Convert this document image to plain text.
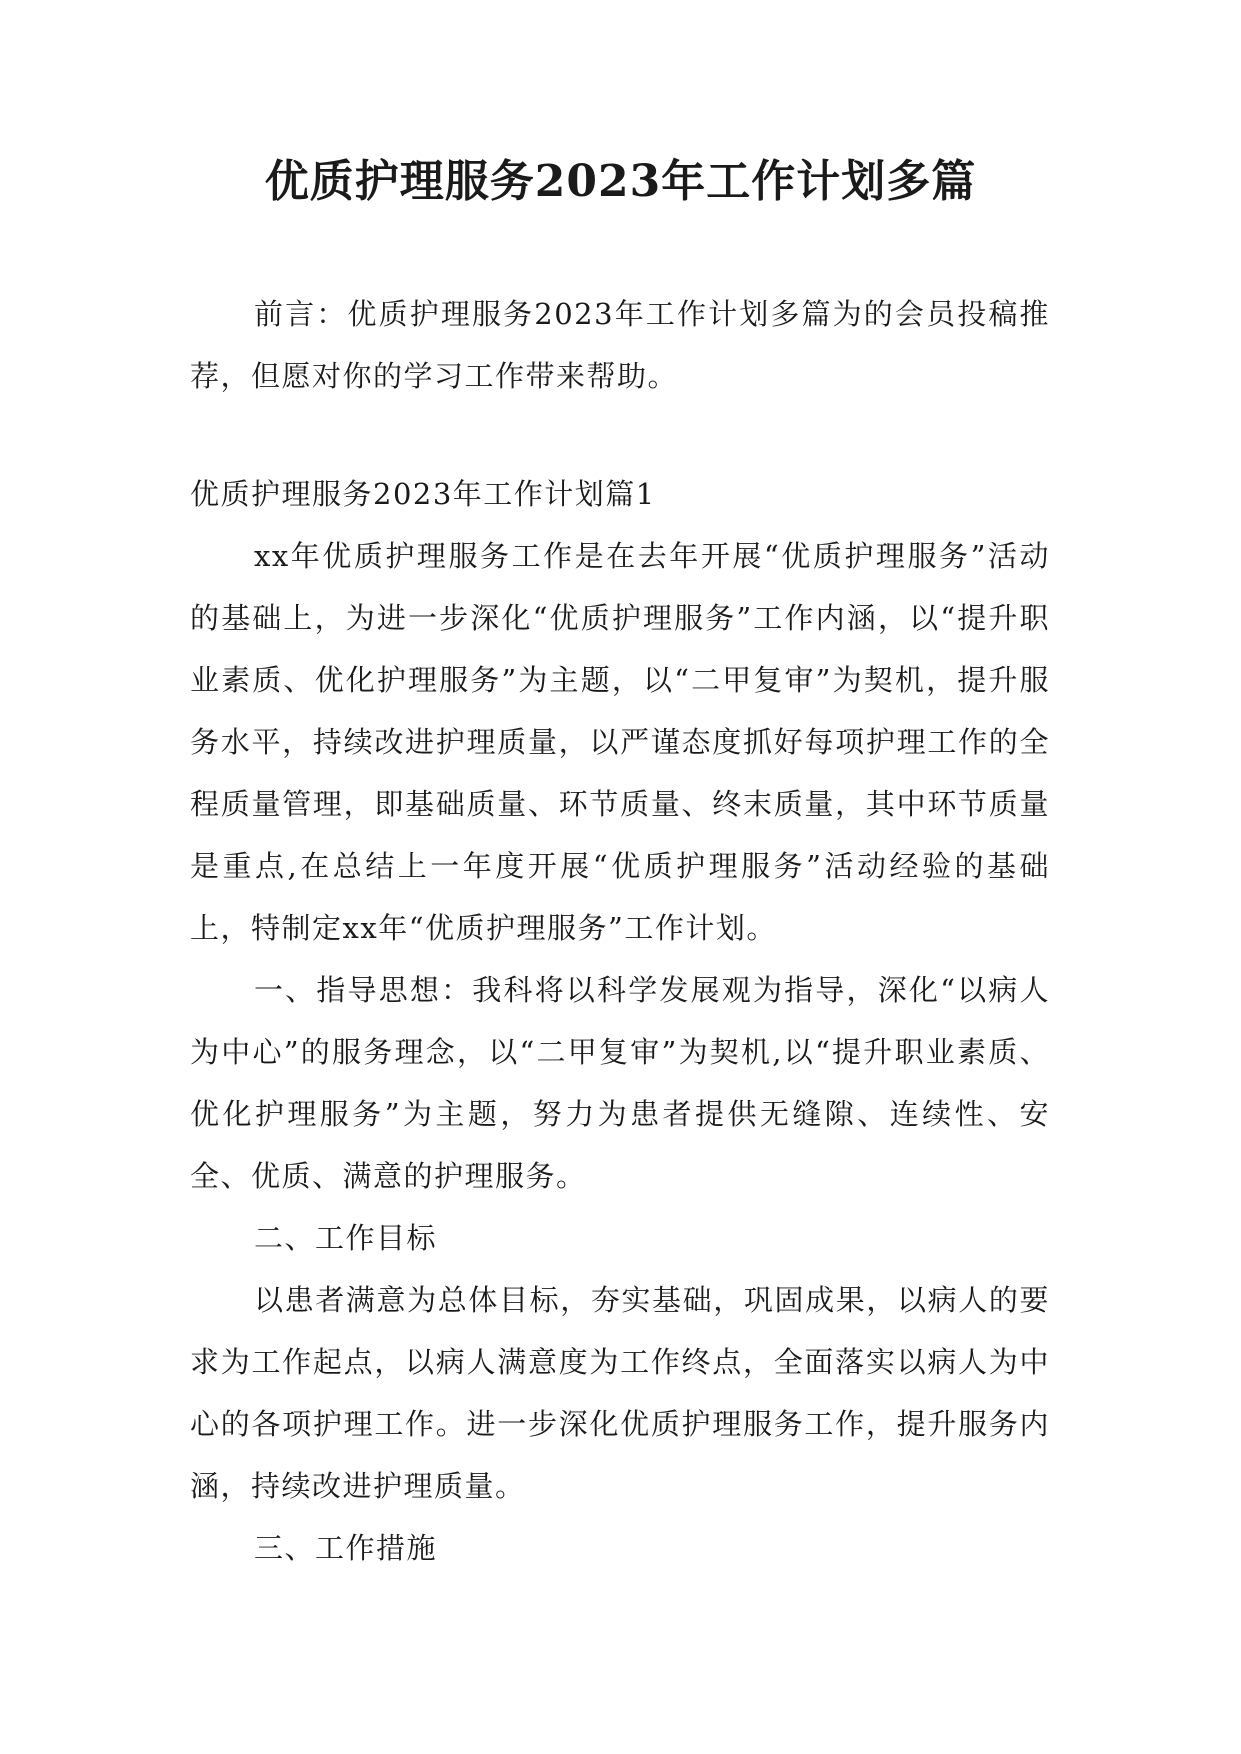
优质护理服务2023年工作计划多篇

前言：优质护理服务2023年工作计划多篇为的会员投稿推荐，但愿对你的学习工作带来帮助。

优质护理服务2023年工作计划篇1

xx年优质护理服务工作是在去年开展“优质护理服务”活动的基础上，为进一步深化“优质护理服务”工作内涵，以“提升职业素质、优化护理服务”为主题，以“二甲复审”为契机，提升服务水平，持续改进护理质量，以严谨态度抓好每项护理工作的全程质量管理，即基础质量、环节质量、终末质量，其中环节质量是重点,在总结上一年度开展“优质护理服务”活动经验的基础上，特制定xx年“优质护理服务”工作计划。

一、指导思想：我科将以科学发展观为指导，深化“以病人为中心”的服务理念，以“二甲复审”为契机,以“提升职业素质、优化护理服务”为主题，努力为患者提供无缝隙、连续性、安全、优质、满意的护理服务。

二、工作目标

以患者满意为总体目标，夯实基础，巩固成果，以病人的要求为工作起点，以病人满意度为工作终点，全面落实以病人为中心的各项护理工作。进一步深化优质护理服务工作，提升服务内涵，持续改进护理质量。

三、工作措施
